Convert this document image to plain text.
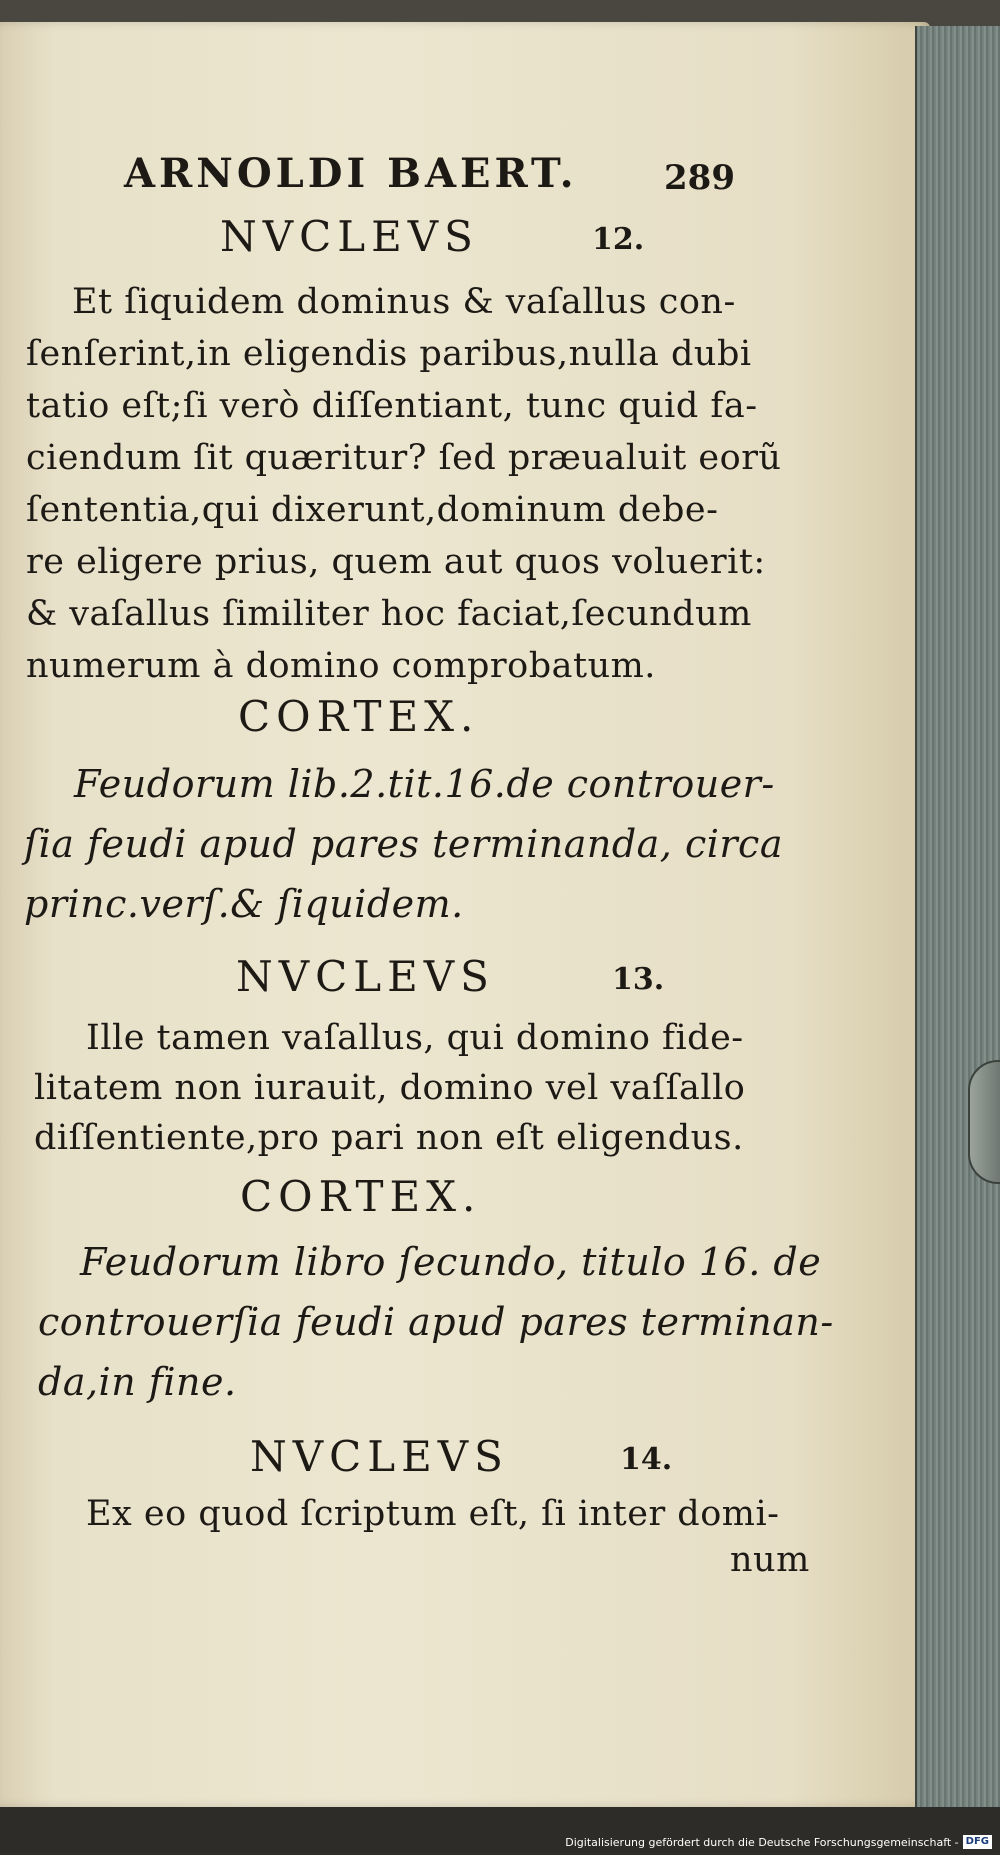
ARNOLDI BAERT.	289
NVCLEVS	12.
Et ſiquidem dominus & vaſallus con-
ſenſerint,in eligendis paribus,nulla dubi
tatio eſt;ſi verò diſſentiant, tunc quid fa-
ciendum ſit quæritur? ſed præualuit eorũ
ſententia,qui dixerunt,dominum debe-
re eligere prius, quem aut quos voluerit:
& vaſallus ſimiliter hoc faciat,ſecundum
numerum à domino comprobatum.
CORTEX.
Feudorum lib.2.tit.16.de controuer-
ſia feudi apud pares terminanda, circa
princ.verſ.& ſiquidem.
NVCLEVS	13.
Ille tamen vaſallus, qui domino fide-
litatem non iurauit, domino vel vaſſallo
diſſentiente,pro pari non eſt eligendus.
CORTEX.
Feudorum libro ſecundo, titulo 16. de
controuerſia feudi apud pares terminan-
da,in fine.
NVCLEVS	14.
Ex eo quod ſcriptum eſt, ſi inter domi-
num
Digitalisierung gefördert durch die Deutsche Forschungsgemeinschaft - DFG
